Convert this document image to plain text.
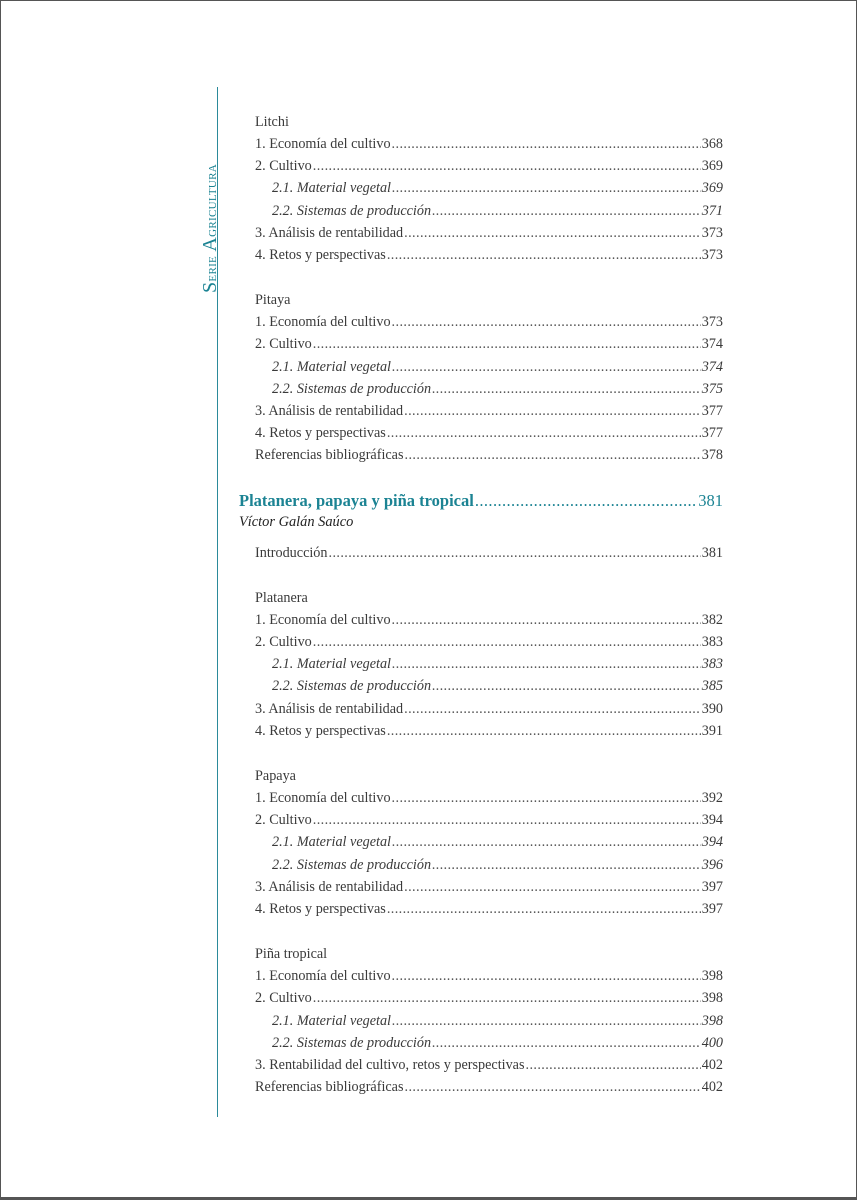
Serie Agricultura
Litchi
1. Economía del cultivo .....	368
2. Cultivo .....	369
2.1. Material vegetal .....	369
2.2. Sistemas de producción .....	371
3. Análisis de rentabilidad .....	373
4. Retos y perspectivas .....	373
Pitaya
1. Economía del cultivo .....	373
2. Cultivo .....	374
2.1. Material vegetal .....	374
2.2. Sistemas de producción .....	375
3. Análisis de rentabilidad .....	377
4. Retos y perspectivas .....	377
Referencias bibliográficas .....	378
Platanera, papaya y piña tropical .....	381
Víctor Galán Saúco
Introducción .....	381
Platanera
1. Economía del cultivo .....	382
2. Cultivo .....	383
2.1. Material vegetal .....	383
2.2. Sistemas de producción .....	385
3. Análisis de rentabilidad .....	390
4. Retos y perspectivas .....	391
Papaya
1. Economía del cultivo .....	392
2. Cultivo .....	394
2.1. Material vegetal .....	394
2.2. Sistemas de producción .....	396
3. Análisis de rentabilidad .....	397
4. Retos y perspectivas .....	397
Piña tropical
1. Economía del cultivo .....	398
2. Cultivo .....	398
2.1. Material vegetal .....	398
2.2. Sistemas de producción .....	400
3. Rentabilidad del cultivo, retos y perspectivas .....	402
Referencias bibliográficas .....	402
